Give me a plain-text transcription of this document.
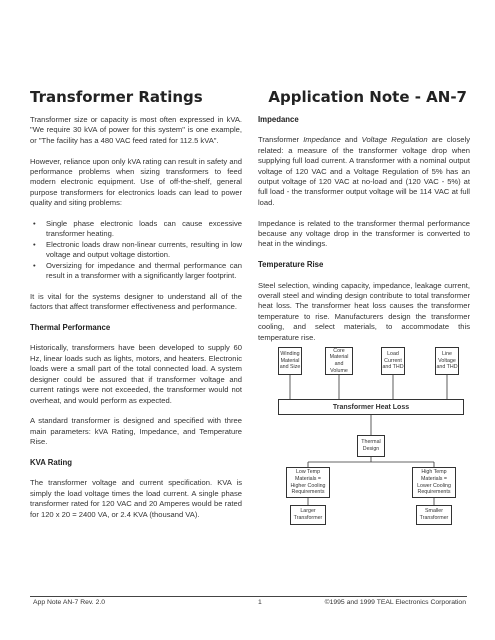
Transformer Ratings	Application Note - AN-7

Transformer size or capacity is most often expressed in kVA. "We require 30 kVA of power for this system" is one example, or "The facility has a 480 VAC feed rated for 112.5 kVA".

However, reliance upon only kVA rating can result in safety and performance problems when sizing transformers to feed modern electronic equipment. Use of off-the-shelf, general purpose transformers for electronics loads can lead to power quality and siting problems:

• Single phase electronic loads can cause excessive transformer heating.
• Electronic loads draw non-linear currents, resulting in low voltage and output voltage distortion.
• Oversizing for impedance and thermal performance can result in a transformer with a significantly larger footprint.

It is vital for the systems designer to understand all of the factors that affect transformer effectiveness and performance.

Thermal Performance

Historically, transformers have been developed to supply 60 Hz, linear loads such as lights, motors, and heaters. Electronic loads were a small part of the total connected load. A system designer could be assured that if transformer voltage and current ratings were not exceeded, the transformer would not overheat, and would perform as expected.

A standard transformer is designed and specified with three main parameters: kVA Rating, Impedance, and Temperature Rise.

KVA Rating

The transformer voltage and current specification. KVA is simply the load voltage times the load current. A single phase transformer rated for 120 VAC and 20 Amperes would be rated for 120 x 20 = 2400 VA, or 2.4 KVA (thousand VA).

Impedance

Transformer Impedance and Voltage Regulation are closely related: a measure of the transformer voltage drop when supplying full load current. A transformer with a nominal output voltage of 120 VAC and a Voltage Regulation of 5% has an output voltage of 120 VAC at no-load and (120 VAC - 5%) at full load - the transformer output voltage will be 114 VAC at full load.

Impedance is related to the transformer thermal performance because any voltage drop in the transformer is converted to heat in the windings.

Temperature Rise

Steel selection, winding capacity, impedance, leakage current, overall steel and winding design contribute to total transformer heat loss. The transformer heat loss causes the transformer temperature to rise. Manufacturers design the transformer cooling, and select materials, to accommodate this temperature rise.

Winding
Material
and Size
Core
Material
and Volume
Load
Current
and THD
Line
Voltage
and THD
Transformer Heat Loss
Thermal
Design
Low Temp
Materials =
Higher Cooling
Requirements
High Temp
Materials =
Lower Cooling
Requirements
Larger
Transformer
Smaller
Transformer
App Note AN-7 Rev. 2.0	1	©1995 and 1999 TEAL Electronics Corporation
